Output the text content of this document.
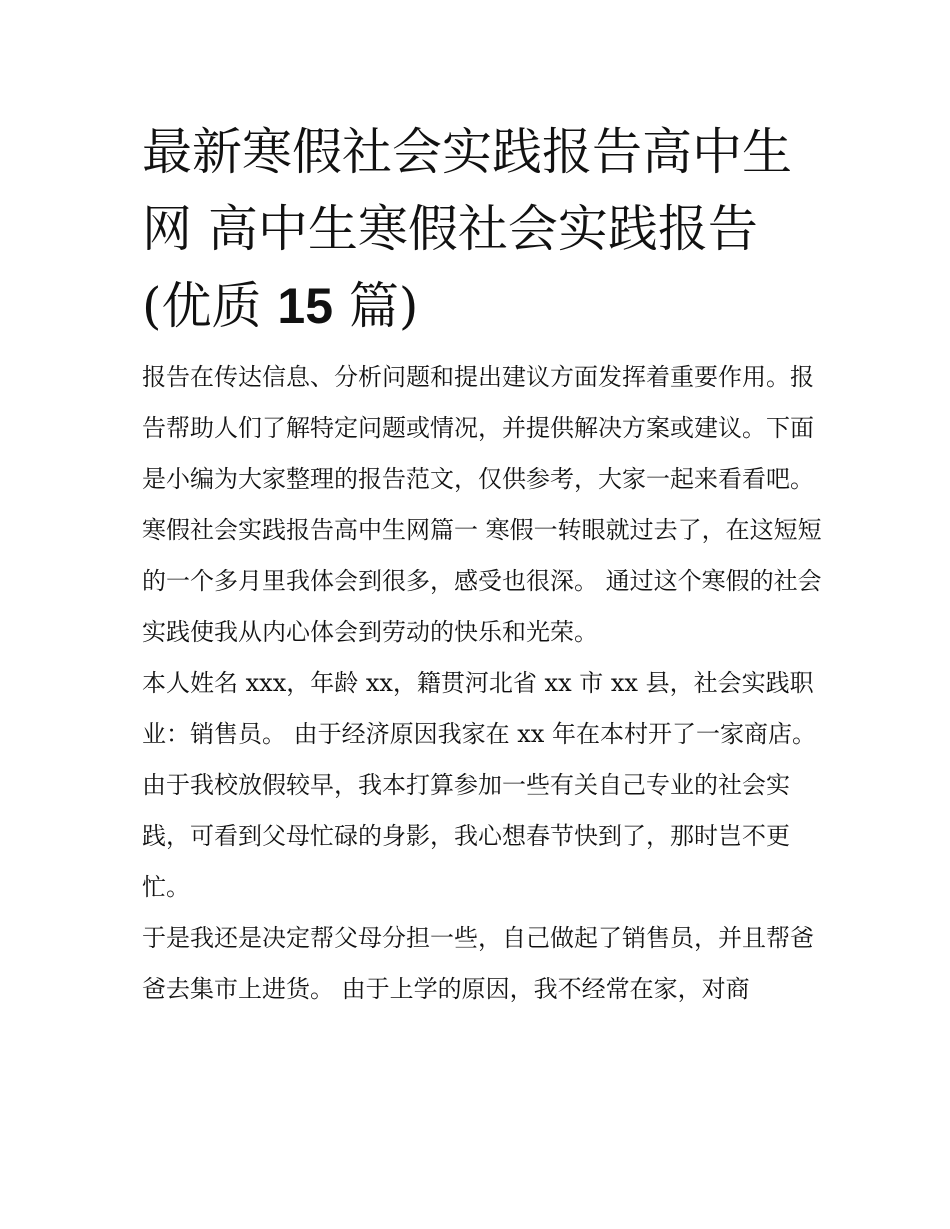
最新寒假社会实践报告高中生
网 高中生寒假社会实践报告
(优质 15 篇)

报告在传达信息、分析问题和提出建议方面发挥着重要作用。报告帮助人们了解特定问题或情况，并提供解决方案或建议。下面是小编为大家整理的报告范文，仅供参考，大家一起来看看吧。

寒假社会实践报告高中生网篇一 寒假一转眼就过去了，在这短短的一个多月里我体会到很多，感受也很深。 通过这个寒假的社会实践使我从内心体会到劳动的快乐和光荣。

本人姓名 xxx，年龄 xx，籍贯河北省 xx 市 xx 县，社会实践职业：销售员。 由于经济原因我家在 xx 年在本村开了一家商店。

由于我校放假较早，我本打算参加一些有关自己专业的社会实践，可看到父母忙碌的身影，我心想春节快到了，那时岂不更忙。

于是我还是决定帮父母分担一些，自己做起了销售员，并且帮爸爸去集市上进货。 由于上学的原因，我不经常在家，对商
